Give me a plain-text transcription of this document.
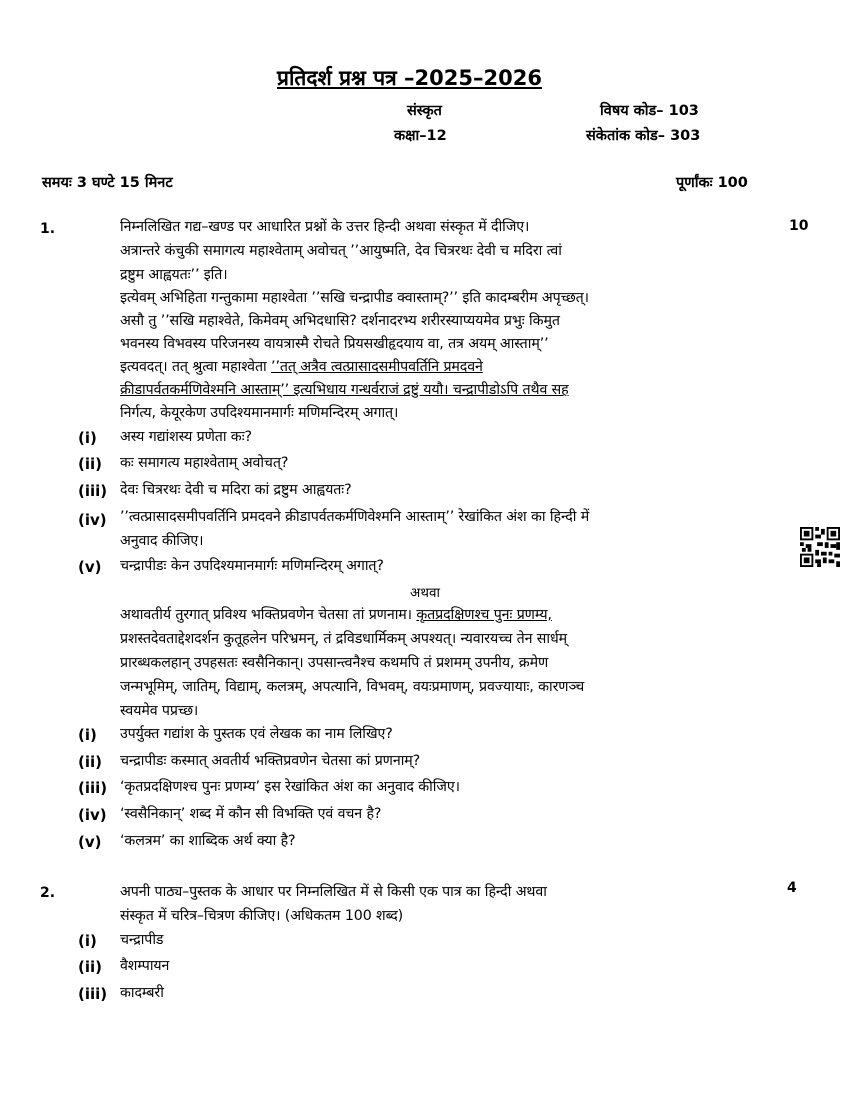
प्रतिदर्श प्रश्न पत्र –2025–2026
संस्कृत	विषय कोड– 103
कक्षा–12	संकेतांक कोड– 303
समयः 3 घण्टे 15 मिनट	पूर्णांकः 100
1.	10
निम्नलिखित गद्य–खण्ड पर आधारित प्रश्नों के उत्तर हिन्दी अथवा संस्कृत में दीजिए।
अत्रान्तरे कंचुकी समागत्य महाश्वेताम् अवोचत् ’’आयुष्मति, देव चित्ररथः देवी च मदिरा त्वां
द्रष्टुम आह्वयतः’’ इति।
इत्येवम् अभिहिता गन्तुकामा महाश्वेता ’’सखि चन्द्रापीड क्वास्ताम्?’’ इति कादम्बरीम अपृच्छत्।
असौ तु ’’सखि महाश्वेते, किमेवम् अभिदधासि? दर्शनादरभ्य शरीरस्याप्ययमेव प्रभुः किमुत
भवनस्य विभवस्य परिजनस्य वायत्रास्मै रोचते प्रियसखीहृदयाय वा, तत्र अयम् आस्ताम्’’
इत्यवदत्। तत् श्रुत्वा महाश्वेता ’’तत् अत्रैव त्वत्प्रासादसमीपवर्तिनि प्रमदवने
क्रीडापर्वतकर्मणिवेश्मनि आस्ताम्’’ इत्यभिधाय गन्धर्वराजं द्रष्टुं ययौ। चन्द्रापीडोऽपि तथैव सह
निर्गत्य, केयूरकेण उपदिश्यमानमार्गः मणिमन्दिरम् अगात्।
(i) अस्य गद्यांशस्य प्रणेता कः?
(ii) कः समागत्य महाश्वेताम् अवोचत्?
(iii) देवः चित्ररथः देवी च मदिरा कां द्रष्टुम आह्वयतः?
(iv) ’’त्वत्प्रासादसमीपवर्तिनि प्रमदवने क्रीडापर्वतकर्मणिवेश्मनि आस्ताम्’’ रेखांकित अंश का हिन्दी में
अनुवाद कीजिए।
(v) चन्द्रापीडः केन उपदिश्यमानमार्गः मणिमन्दिरम् अगात्?
अथवा
अथावतीर्य तुरगात् प्रविश्य भक्तिप्रवणेन चेतसा तां प्रणनाम। कृतप्रदक्षिणश्च पुनः प्रणम्य,
प्रशस्तदेवताद्देशदर्शन कुतूहलेन परिभ्रमन्, तं द्रविडधार्मिकम् अपश्यत्। न्यवारयच्च तेन सार्धम्
प्रारब्धकलहान् उपहसतः स्वसैनिकान्। उपसान्त्वनैश्च कथमपि तं प्रशमम् उपनीय, क्रमेण
जन्मभूमिम्, जातिम्, विद्याम्, कलत्रम्, अपत्यानि, विभवम्, वयःप्रमाणम्, प्रवज्यायाः, कारणञ्च
स्वयमेव पप्रच्छ।
(i) उपर्युक्त गद्यांश के पुस्तक एवं लेखक का नाम लिखिए?
(ii) चन्द्रापीडः कस्मात् अवतीर्य भक्तिप्रवणेन चेतसा कां प्रणनाम्?
(iii) ‘कृतप्रदक्षिणश्च पुनः प्रणम्य’ इस रेखांकित अंश का अनुवाद कीजिए।
(iv) ‘स्वसैनिकान्’ शब्द में कौन सी विभक्ति एवं वचन है?
(v) ‘कलत्रम’ का शाब्दिक अर्थ क्या है?
2.	4
अपनी पाठ्य–पुस्तक के आधार पर निम्नलिखित में से किसी एक पात्र का हिन्दी अथवा
संस्कृत में चरित्र–चित्रण कीजिए। (अधिकतम 100 शब्द)
(i) चन्द्रापीड
(ii) वैशम्पायन
(iii) कादम्बरी
